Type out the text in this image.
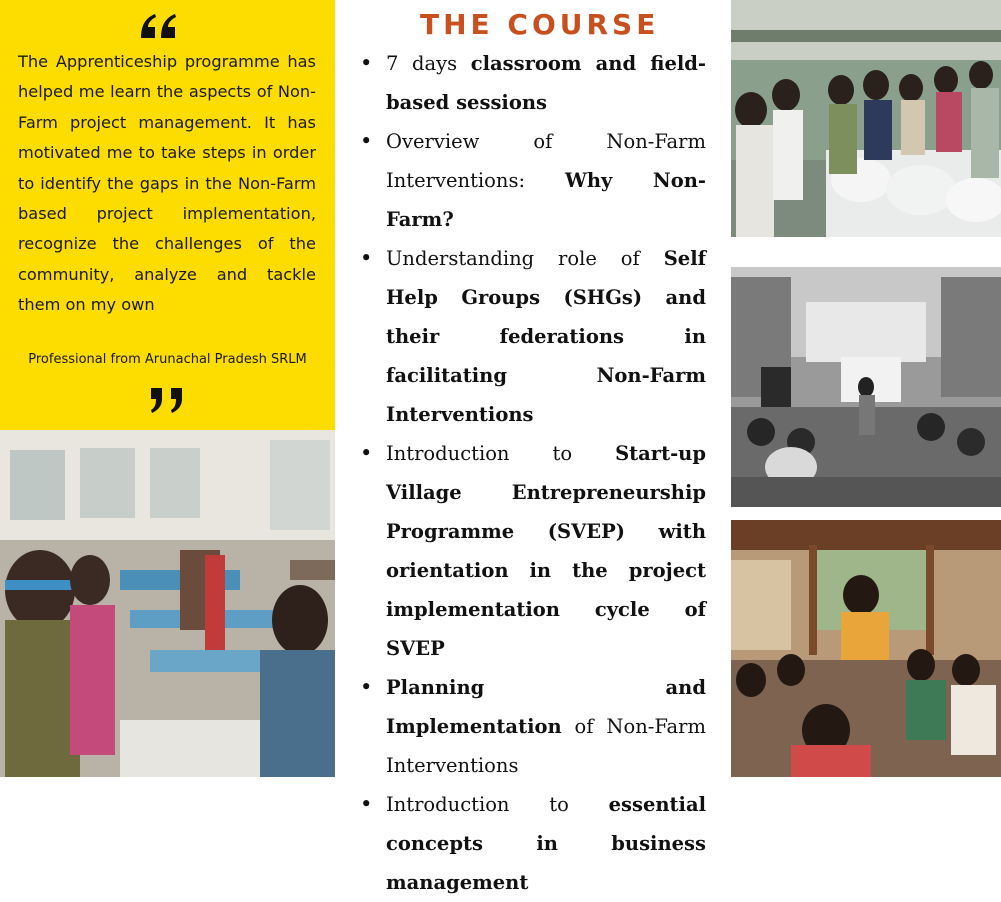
The Apprenticeship programme has helped me learn the aspects of Non-Farm project management. It has motivated me to take steps in order to identify the gaps in the Non-Farm based project implementation, recognize the challenges of the community, analyze and tackle them on my own

Professional from Arunachal Pradesh SRLM
THE COURSE
• 7 days classroom and field-based sessions
• Overview of Non-Farm Interventions: Why Non-Farm?
• Understanding role of Self Help Groups (SHGs) and their federations in facilitating Non-Farm Interventions
• Introduction to Start-up Village Entrepreneurship Programme (SVEP) with orientation in the project implementation cycle of SVEP
• Planning and Implementation of Non-Farm Interventions
• Introduction to essential concepts in business management
